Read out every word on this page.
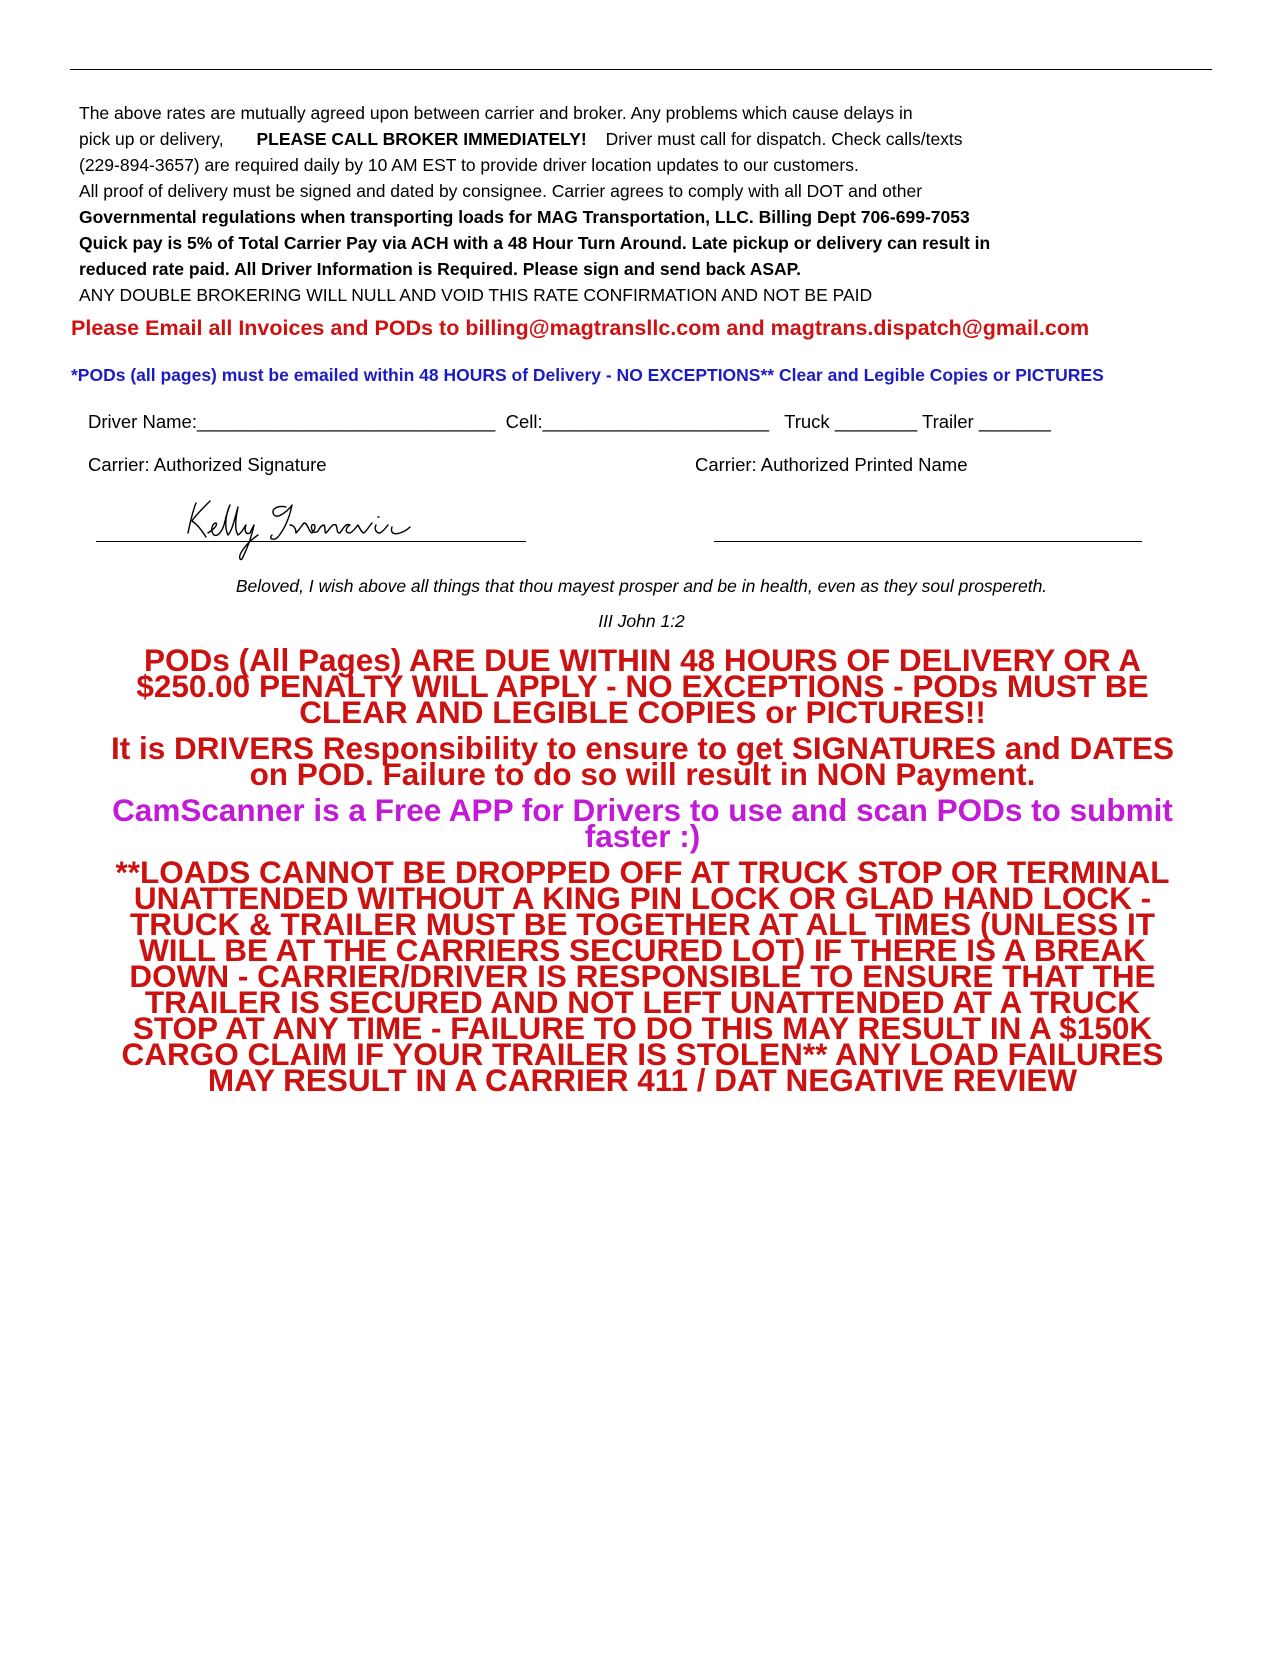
The above rates are mutually agreed upon between carrier and broker. Any problems which cause delays in
pick up or delivery, PLEASE CALL BROKER IMMEDIATELY! Driver must call for dispatch. Check calls/texts
(229-894-3657) are required daily by 10 AM EST to provide driver location updates to our customers.
All proof of delivery must be signed and dated by consignee. Carrier agrees to comply with all DOT and other
Governmental regulations when transporting loads for MAG Transportation, LLC. Billing Dept 706-699-7053
Quick pay is 5% of Total Carrier Pay via ACH with a 48 Hour Turn Around. Late pickup or delivery can result in
reduced rate paid. All Driver Information is Required. Please sign and send back ASAP.
ANY DOUBLE BROKERING WILL NULL AND VOID THIS RATE CONFIRMATION AND NOT BE PAID
Please Email all Invoices and PODs to billing@magtransllc.com and magtrans.dispatch@gmail.com
*PODs (all pages) must be emailed within 48 HOURS of Delivery - NO EXCEPTIONS** Clear and Legible Copies or PICTURES
Driver Name:_____________________________ Cell:______________________ Truck ________ Trailer _______
Carrier: Authorized Signature	Carrier: Authorized Printed Name
Beloved, I wish above all things that thou mayest prosper and be in health, even as they soul prospereth.
III John 1:2
PODs (All Pages) ARE DUE WITHIN 48 HOURS OF DELIVERY OR A $250.00 PENALTY WILL APPLY - NO EXCEPTIONS - PODs MUST BE CLEAR AND LEGIBLE COPIES or PICTURES!!
It is DRIVERS Responsibility to ensure to get SIGNATURES and DATES on POD. Failure to do so will result in NON Payment.
CamScanner is a Free APP for Drivers to use and scan PODs to submit faster :)
**LOADS CANNOT BE DROPPED OFF AT TRUCK STOP OR TERMINAL UNATTENDED WITHOUT A KING PIN LOCK OR GLAD HAND LOCK - TRUCK & TRAILER MUST BE TOGETHER AT ALL TIMES (UNLESS IT WILL BE AT THE CARRIERS SECURED LOT) IF THERE IS A BREAK DOWN - CARRIER/DRIVER IS RESPONSIBLE TO ENSURE THAT THE TRAILER IS SECURED AND NOT LEFT UNATTENDED AT A TRUCK STOP AT ANY TIME - FAILURE TO DO THIS MAY RESULT IN A $150K CARGO CLAIM IF YOUR TRAILER IS STOLEN** ANY LOAD FAILURES MAY RESULT IN A CARRIER 411 / DAT NEGATIVE REVIEW
